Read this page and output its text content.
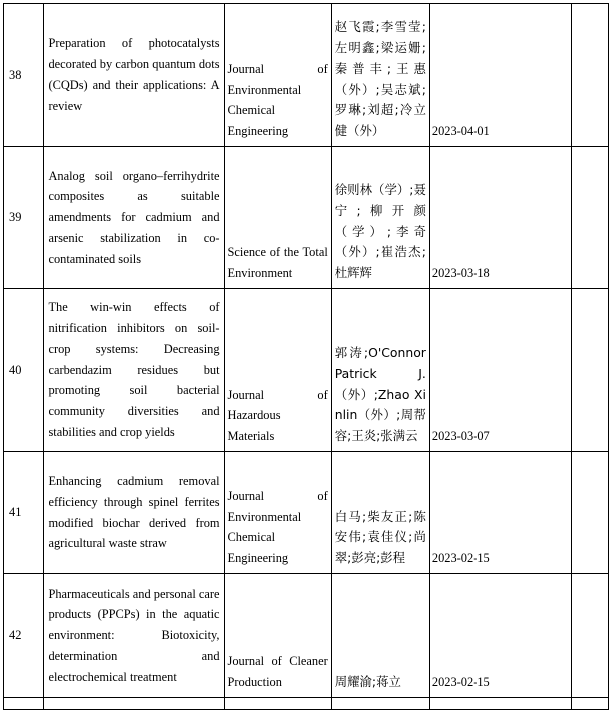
38	Preparation of photocatalysts decorated by carbon quantum dots (CQDs) and their applications: A review	Journal of Environmental Chemical Engineering	赵飞霞;李雪莹;左明鑫;梁运姗;秦普丰;王惠（外）;吴志斌;罗琳;刘超;冷立健（外）	2023-04-01	
39	Analog soil organo–ferrihydrite composites as suitable amendments for cadmium and arsenic stabilization in co-contaminated soils	Science of the Total Environment	徐则林（学）;聂宁;柳开颜（学）;李奇（外）;崔浩杰;杜辉辉	2023-03-18	
40	The win-win effects of nitrification inhibitors on soil-crop systems: Decreasing carbendazim residues but promoting soil bacterial community diversities and stabilities and crop yields	Journal of Hazardous Materials	郭涛;O'Connor Patrick J.（外）;Zhao Xinlin（外）;周帮容;王炎;张满云	2023-03-07	
41	Enhancing cadmium removal efficiency through spinel ferrites modified biochar derived from agricultural waste straw	Journal of Environmental Chemical Engineering	白马;柴友正;陈安伟;袁佳仪;尚翠;彭亮;彭程	2023-02-15	
42	Pharmaceuticals and personal care products (PPCPs) in the aquatic environment: Biotoxicity, determination and electrochemical treatment	Journal of Cleaner Production	周耀渝;蒋立	2023-02-15	
